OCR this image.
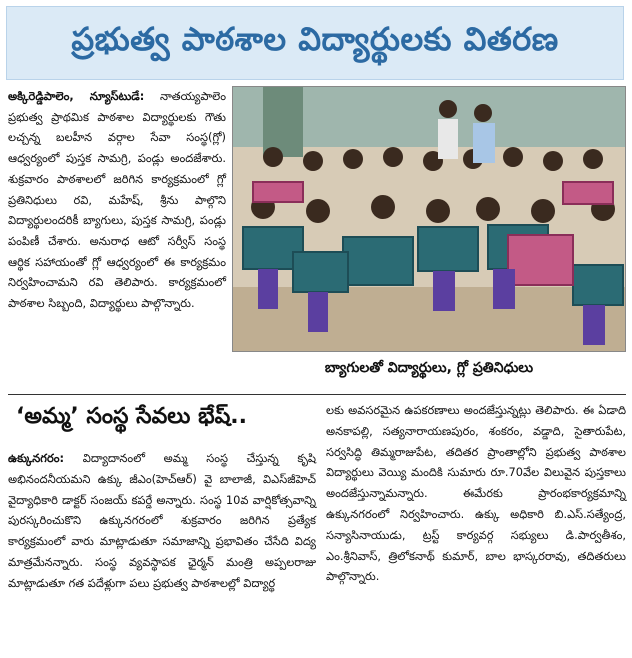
ప్రభుత్వ పాఠశాల విద్యార్థులకు వితరణ
అక్కిరెడ్డిపాలెం, న్యూస్‌టుడే: నాతయ్యపాలెం ప్రభుత్వ ప్రాథమిక పాఠశాల విద్యార్థులకు గౌతు లచ్చన్న బలహీన వర్గాల సేవా సంస్థ(గ్లో) ఆధ్వర్యంలో పుస్తక సామగ్రి, పండ్లు అందజేశారు. శుక్రవారం పాఠశాలలో జరిగిన కార్యక్రమంలో గ్లో ప్రతినిధులు రవి, మహేష్, శ్రీను పాల్గొని విద్యార్థులందరికీ బ్యాగులు, పుస్తక సామగ్రి, పండ్లు పంపిణీ చేశారు. అనురాధ ఆటో సర్వీస్ సంస్థ ఆర్థిక సహాయంతో గ్లో ఆధ్వర్యంలో ఈ కార్యక్రమం నిర్వహించామని రవి తెలిపారు. కార్యక్రమంలో పాఠశాల సిబ్బంది, విద్యార్థులు పాల్గొన్నారు.
బ్యాగులతో విద్యార్థులు, గ్లో ప్రతినిధులు
‘అమ్మ’ సంస్థ సేవలు భేష్..
ఉక్కునగరం: విద్యాదానంలో అమ్మ సంస్థ చేస్తున్న కృషి అభినందనీయమని ఉక్కు జీఎం(హెచ్ఆర్) వై బాలాజీ, విఎస్‌జీహెచ్ వైద్యాధికారి డాక్టర్ సంజయ్ కపర్డే అన్నారు. సంస్థ 10వ వార్షికోత్సవాన్ని పురస్కరించుకొని ఉక్కునగరంలో శుక్రవారం జరిగిన ప్రత్యేక కార్యక్రమంలో వారు మాట్లాడుతూ సమాజాన్ని ప్రభావితం చేసేది విద్య మాత్రమేనన్నారు. సంస్థ వ్యవస్థాపక ఛైర్మన్ మంత్రి అప్పలరాజు మాట్లాడుతూ గత పదేళ్లుగా పలు ప్రభుత్వ పాఠశాలల్లో విద్యార్థ
లకు అవసరమైన ఉపకరణాలు అందజేస్తున్నట్లు తెలిపారు. ఈ ఏడాది అనకాపల్లి, సత్యనారాయణపురం, శంకరం, వడ్డాది, సైతారుపేట, సర్వసిద్ధి తిమ్మరాజుపేట, తదితర ప్రాంతాల్లోని ప్రభుత్వ పాఠశాల విద్యార్థులు వెయ్యి మందికి సుమారు రూ.70వేల విలువైన పుస్తకాలు అందజేస్తున్నామన్నారు. ఈమేరకు ప్రారంభకార్యక్రమాన్ని ఉక్కునగరంలో నిర్వహించారు. ఉక్కు అధికారి బి.ఎస్.సత్యేంద్ర, సన్యాసినాయుడు, ట్రస్ట్ కార్యవర్గ సభ్యులు డి.పార్వతీశం, ఎం.శ్రీనివాస్, త్రిలోకనాథ్ కుమార్, బాల భాస్కరరావు, తదితరులు పాల్గొన్నారు.
